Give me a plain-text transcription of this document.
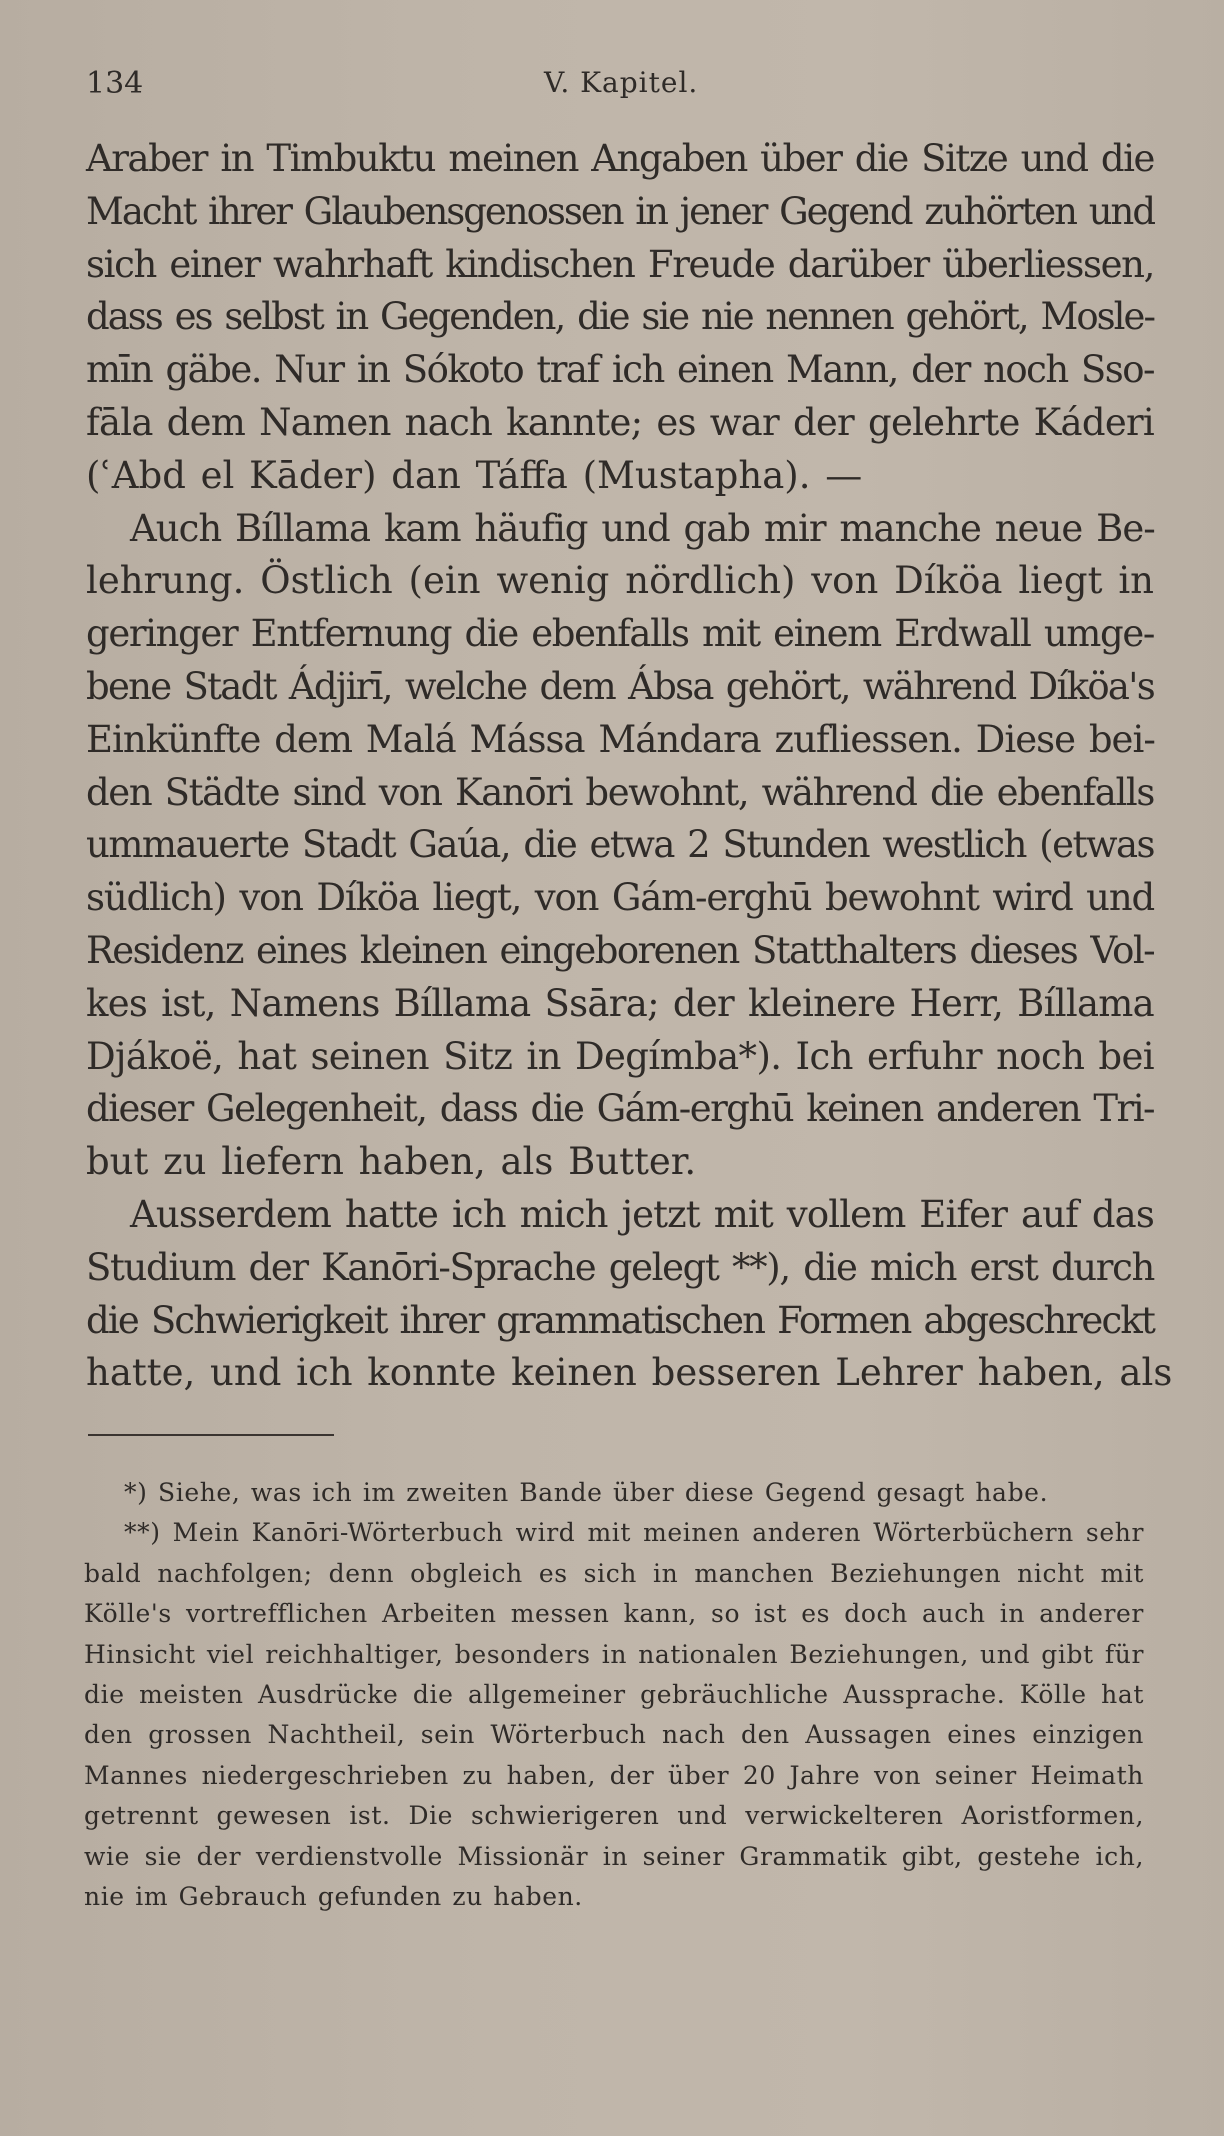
134	V. Kapitel.
Araber in Timbuktu meinen Angaben über die Sitze und die
Macht ihrer Glaubensgenossen in jener Gegend zuhörten und
sich einer wahrhaft kindischen Freude darüber überliessen,
dass es selbst in Gegenden, die sie nie nennen gehört, Mosle-
mīn gäbe. Nur in Sókoto traf ich einen Mann, der noch Sso-
fāla dem Namen nach kannte; es war der gelehrte Káderi
(ʿAbd el Kāder) dan Táffa (Mustapha). —
Auch Bíllama kam häufig und gab mir manche neue Be-
lehrung. Östlich (ein wenig nördlich) von Díköa liegt in
geringer Entfernung die ebenfalls mit einem Erdwall umge-
bene Stadt Ádjirī, welche dem Ábsa gehört, während Díköa's
Einkünfte dem Malá Mássa Mándara zufliessen. Diese bei-
den Städte sind von Kanōri bewohnt, während die ebenfalls
ummauerte Stadt Gaúa, die etwa 2 Stunden westlich (etwas
südlich) von Díköa liegt, von Gám-erghū bewohnt wird und
Residenz eines kleinen eingeborenen Statthalters dieses Vol-
kes ist, Namens Bíllama Ssāra; der kleinere Herr, Bíllama
Djákoë, hat seinen Sitz in Degímba*). Ich erfuhr noch bei
dieser Gelegenheit, dass die Gám-erghū keinen anderen Tri-
but zu liefern haben, als Butter.
Ausserdem hatte ich mich jetzt mit vollem Eifer auf das
Studium der Kanōri-Sprache gelegt **), die mich erst durch
die Schwierigkeit ihrer grammatischen Formen abgeschreckt
hatte, und ich konnte keinen besseren Lehrer haben, als
*) Siehe, was ich im zweiten Bande über diese Gegend gesagt habe.
**) Mein Kanōri-Wörterbuch wird mit meinen anderen Wörterbüchern sehr
bald nachfolgen; denn obgleich es sich in manchen Beziehungen nicht mit
Kölle's vortrefflichen Arbeiten messen kann, so ist es doch auch in anderer
Hinsicht viel reichhaltiger, besonders in nationalen Beziehungen, und gibt für
die meisten Ausdrücke die allgemeiner gebräuchliche Aussprache. Kölle hat
den grossen Nachtheil, sein Wörterbuch nach den Aussagen eines einzigen
Mannes niedergeschrieben zu haben, der über 20 Jahre von seiner Heimath
getrennt gewesen ist. Die schwierigeren und verwickelteren Aoristformen,
wie sie der verdienstvolle Missionär in seiner Grammatik gibt, gestehe ich,
nie im Gebrauch gefunden zu haben.
